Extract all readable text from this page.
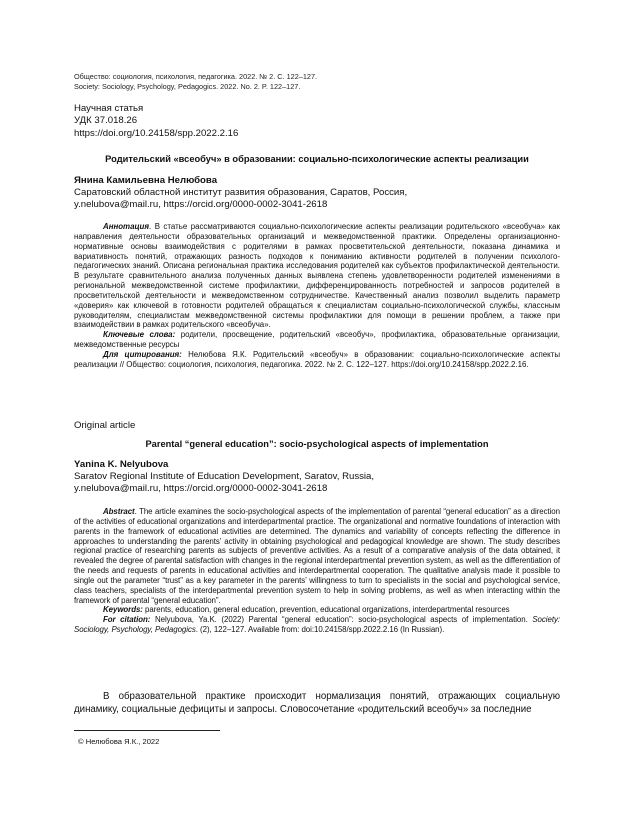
Общество: социология, психология, педагогика. 2022. № 2. С. 122–127.
Society: Sociology, Psychology, Pedagogics. 2022. No. 2. P. 122–127.
Научная статья
УДК 37.018.26
https://doi.org/10.24158/spp.2022.2.16
Родительский «всеобуч» в образовании: социально-психологические аспекты реализации
Янина Камильевна Нелюбова
Саратовский областной институт развития образования, Саратов, Россия,
y.nelubova@mail.ru, https://orcid.org/0000-0002-3041-2618

Аннотация. В статье рассматриваются социально-психологические аспекты реализации родительского «всеобуча» как направления деятельности образовательных организаций и межведомственной практики. Определены организационно-нормативные основы взаимодействия с родителями в рамках просветительской деятельности, показана динамика и вариативность понятий, отражающих разность подходов к пониманию активности родителей в получении психолого-педагогических знаний. Описана региональная практика исследования родителей как субъектов профилактической деятельности. В результате сравнительного анализа полученных данных выявлена степень удовлетворенности родителей изменениями в региональной межведомственной системе профилактики, дифференцированность потребностей и запросов родителей в просветительской деятельности и межведомственном сотрудничестве. Качественный анализ позволил выделить параметр «доверия» как ключевой в готовности родителей обращаться к специалистам социально-психологической службы, классным руководителям, специалистам межведомственной системы профилактики для помощи в решении проблем, а также при взаимодействии в рамках родительского «всеобуча».

Ключевые слова: родители, просвещение, родительский «всеобуч», профилактика, образовательные организации, межведомственные ресурсы

Для цитирования: Нелюбова Я.К. Родительский «всеобуч» в образовании: социально-психологические аспекты реализации // Общество: социология, психология, педагогика. 2022. № 2. С. 122–127. https://doi.org/10.24158/spp.2022.2.16.

Original article
Parental “general education”: socio-psychological aspects of implementation
Yanina K. Nelyubova
Saratov Regional Institute of Education Development, Saratov, Russia,
y.nelubova@mail.ru, https://orcid.org/0000-0002-3041-2618

Abstract. The article examines the socio-psychological aspects of the implementation of parental “general education” as a direction of the activities of educational organizations and interdepartmental practice. The organizational and normative foundations of interaction with parents in the framework of educational activities are determined. The dynamics and variability of concepts reflecting the difference in approaches to understanding the parents’ activity in obtaining psychological and pedagogical knowledge are shown. The study describes regional practice of researching parents as subjects of preventive activities. As a result of a comparative analysis of the data obtained, it revealed the degree of parental satisfaction with changes in the regional interdepartmental prevention system, as well as the differentiation of the needs and requests of parents in educational activities and interdepartmental cooperation. The qualitative analysis made it possible to single out the parameter “trust” as a key parameter in the parents’ willingness to turn to specialists in the social and psychological service, class teachers, specialists of the interdepartmental prevention system to help in solving problems, as well as when interacting within the framework of parental “general education”.

Keywords: parents, education, general education, prevention, educational organizations, interdepartmental resources

For citation: Nelyubova, Ya.K. (2022) Parental “general education”: socio-psychological aspects of implementation. Society: Sociology, Psychology, Pedagogics. (2), 122–127. Available from: doi:10.24158/spp.2022.2.16 (In Russian).

В образовательной практике происходит нормализация понятий, отражающих социальную динамику, социальные дефициты и запросы. Словосочетание «родительский всеобуч» за последние

© Нелюбова Я.К., 2022
